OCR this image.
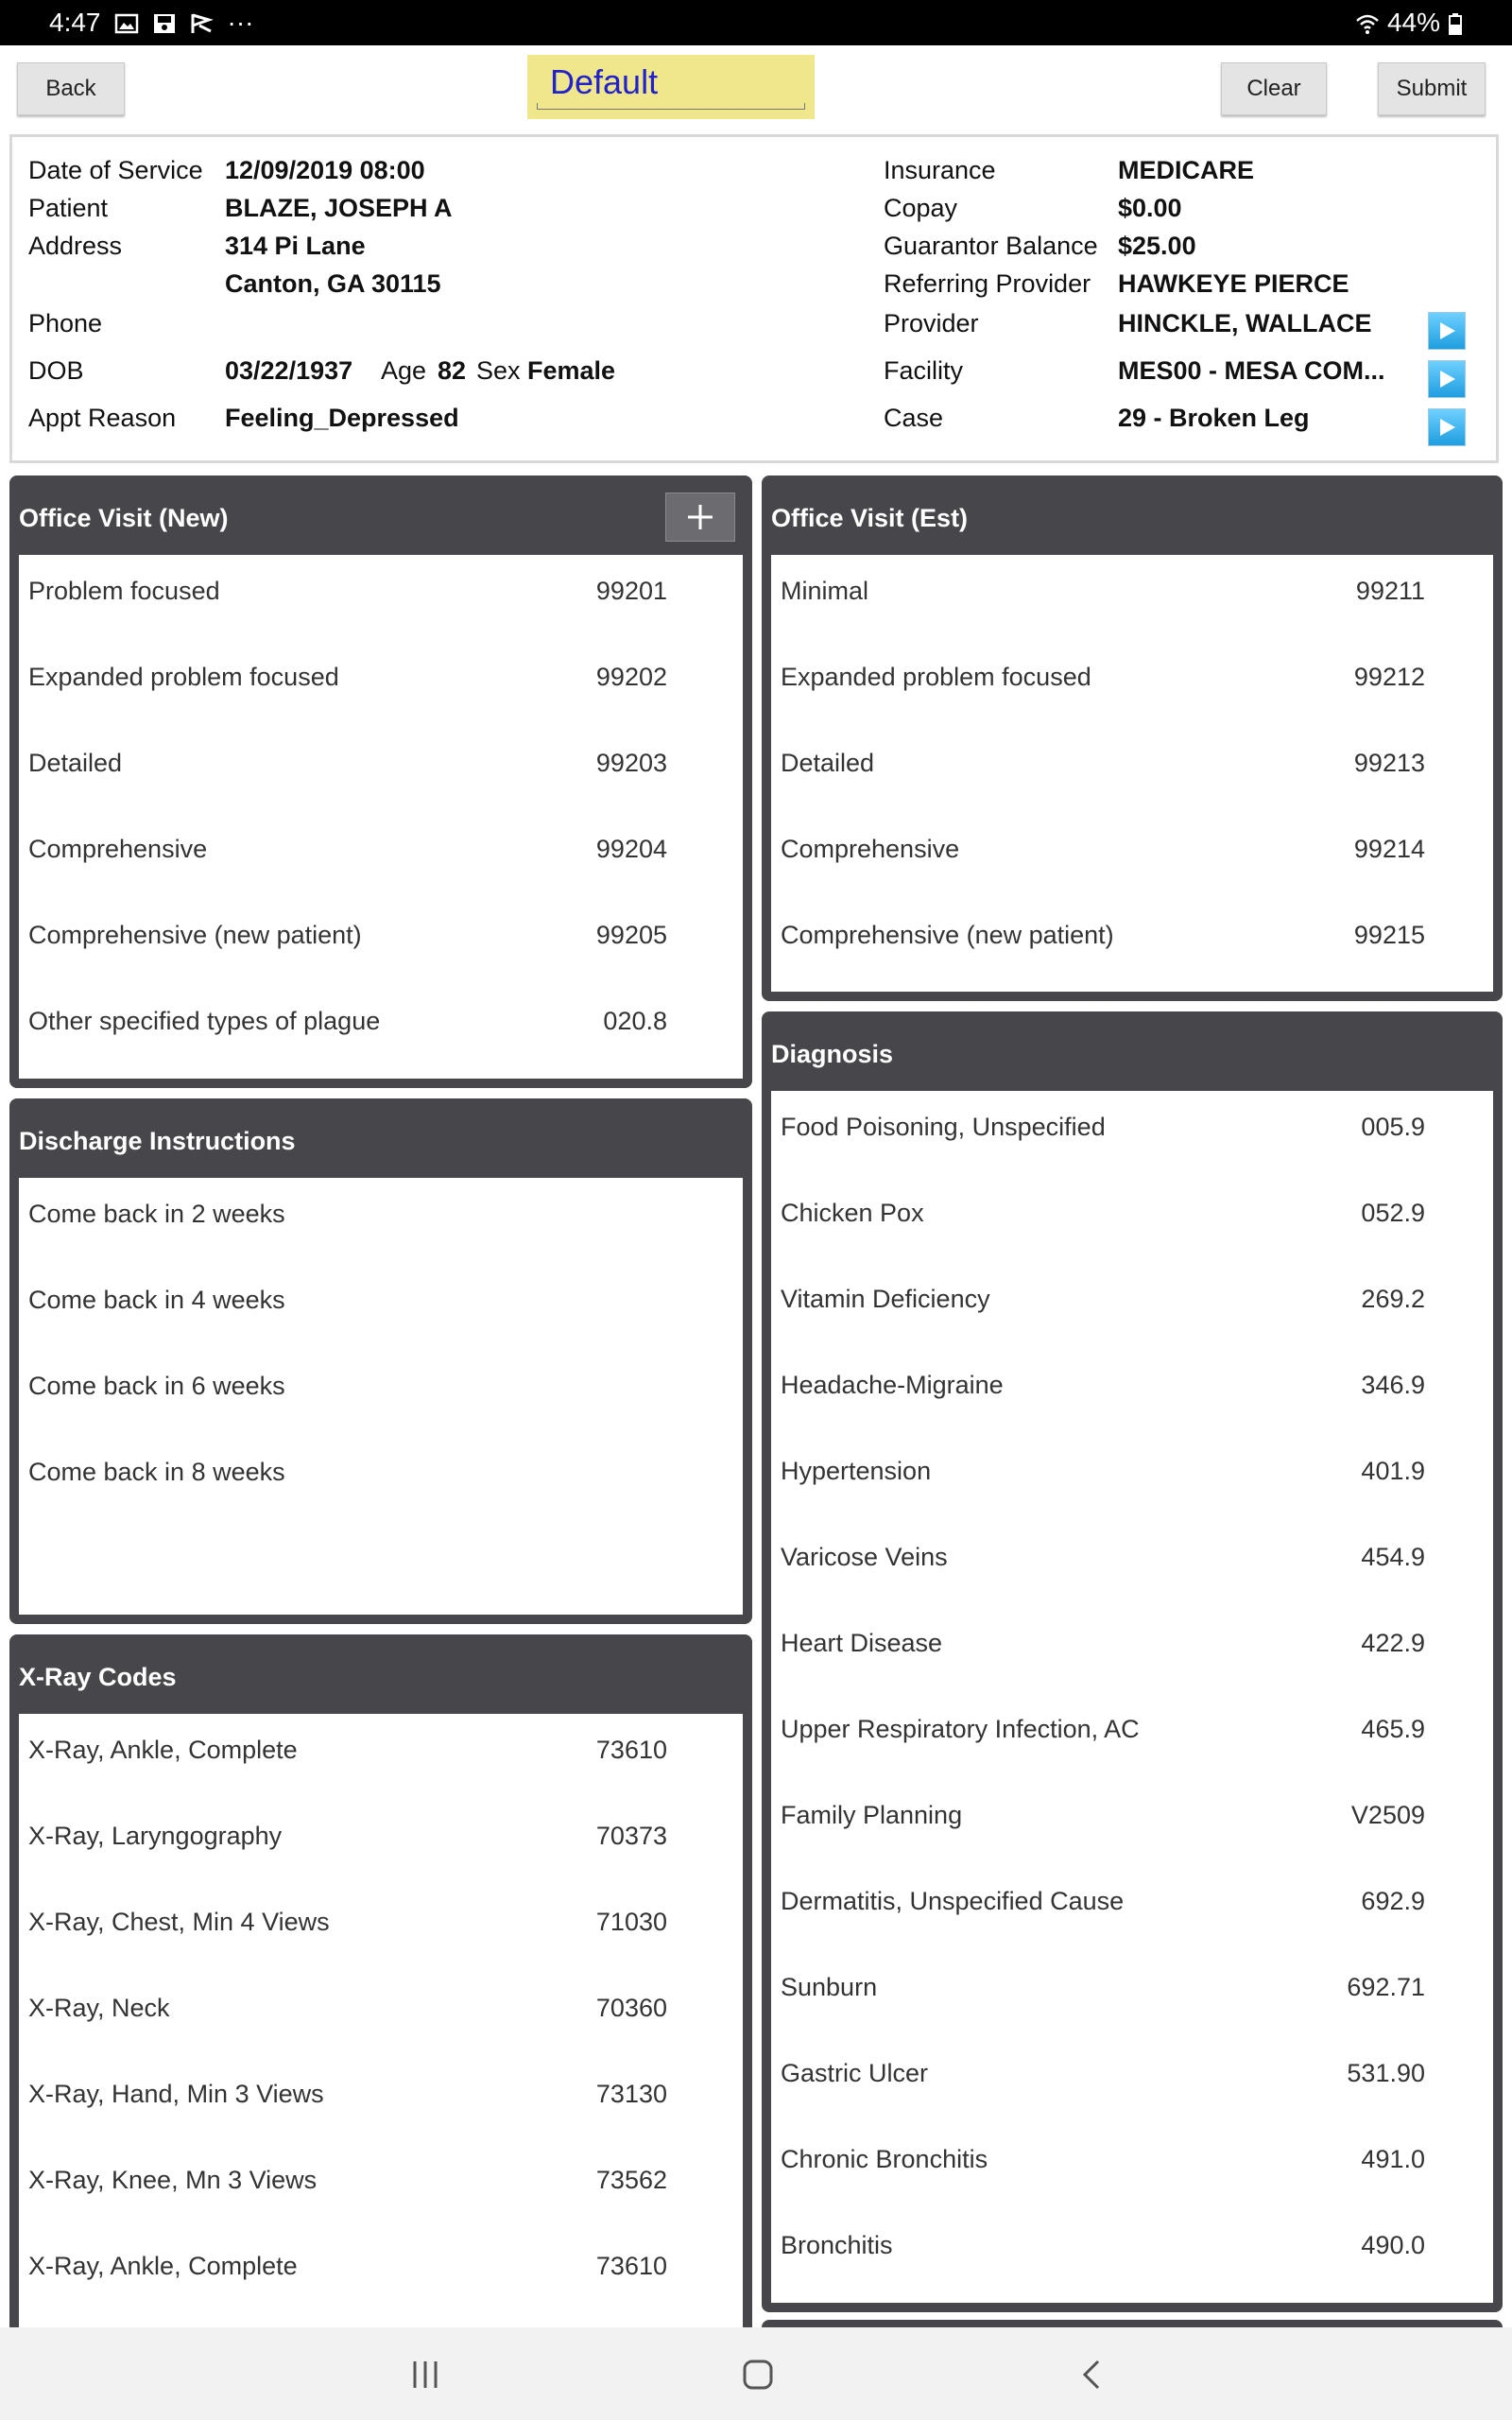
4:47	···	44%
Back	Default	Clear	Submit
Date of Service 12/09/2019 08:00
Patient	BLAZE, JOSEPH A
Address	314 Pi Lane
Canton, GA 30115
Phone
DOB	03/22/1937 Age 82 Sex Female
Appt Reason Feeling_Depressed
Insurance	MEDICARE
Copay	$0.00
Guarantor Balance $25.00
Referring Provider HAWKEYE PIERCE
Provider	HINCKLE, WALLACE
Facility	MES00 - MESA COM...
Case	29 - Broken Leg
Office Visit (New)
Problem focused	99201
Expanded problem focused	99202
Detailed	99203
Comprehensive	99204
Comprehensive (new patient)	99205
Other specified types of plague	020.8
Office Visit (Est)
Minimal	99211
Expanded problem focused	99212
Detailed	99213
Comprehensive	99214
Comprehensive (new patient)	99215
Discharge Instructions
Come back in 2 weeks
Come back in 4 weeks
Come back in 6 weeks
Come back in 8 weeks
Diagnosis
Food Poisoning, Unspecified	005.9
Chicken Pox	052.9
Vitamin Deficiency	269.2
Headache-Migraine	346.9
Hypertension	401.9
Varicose Veins	454.9
Heart Disease	422.9
Upper Respiratory Infection, AC	465.9
Family Planning	V2509
Dermatitis, Unspecified Cause	692.9
Sunburn	692.71
Gastric Ulcer	531.90
Chronic Bronchitis	491.0
Bronchitis	490.0
X-Ray Codes
X-Ray, Ankle, Complete	73610
X-Ray, Laryngography	70373
X-Ray, Chest, Min 4 Views	71030
X-Ray, Neck	70360
X-Ray, Hand, Min 3 Views	73130
X-Ray, Knee, Mn 3 Views	73562
X-Ray, Ankle, Complete	73610
